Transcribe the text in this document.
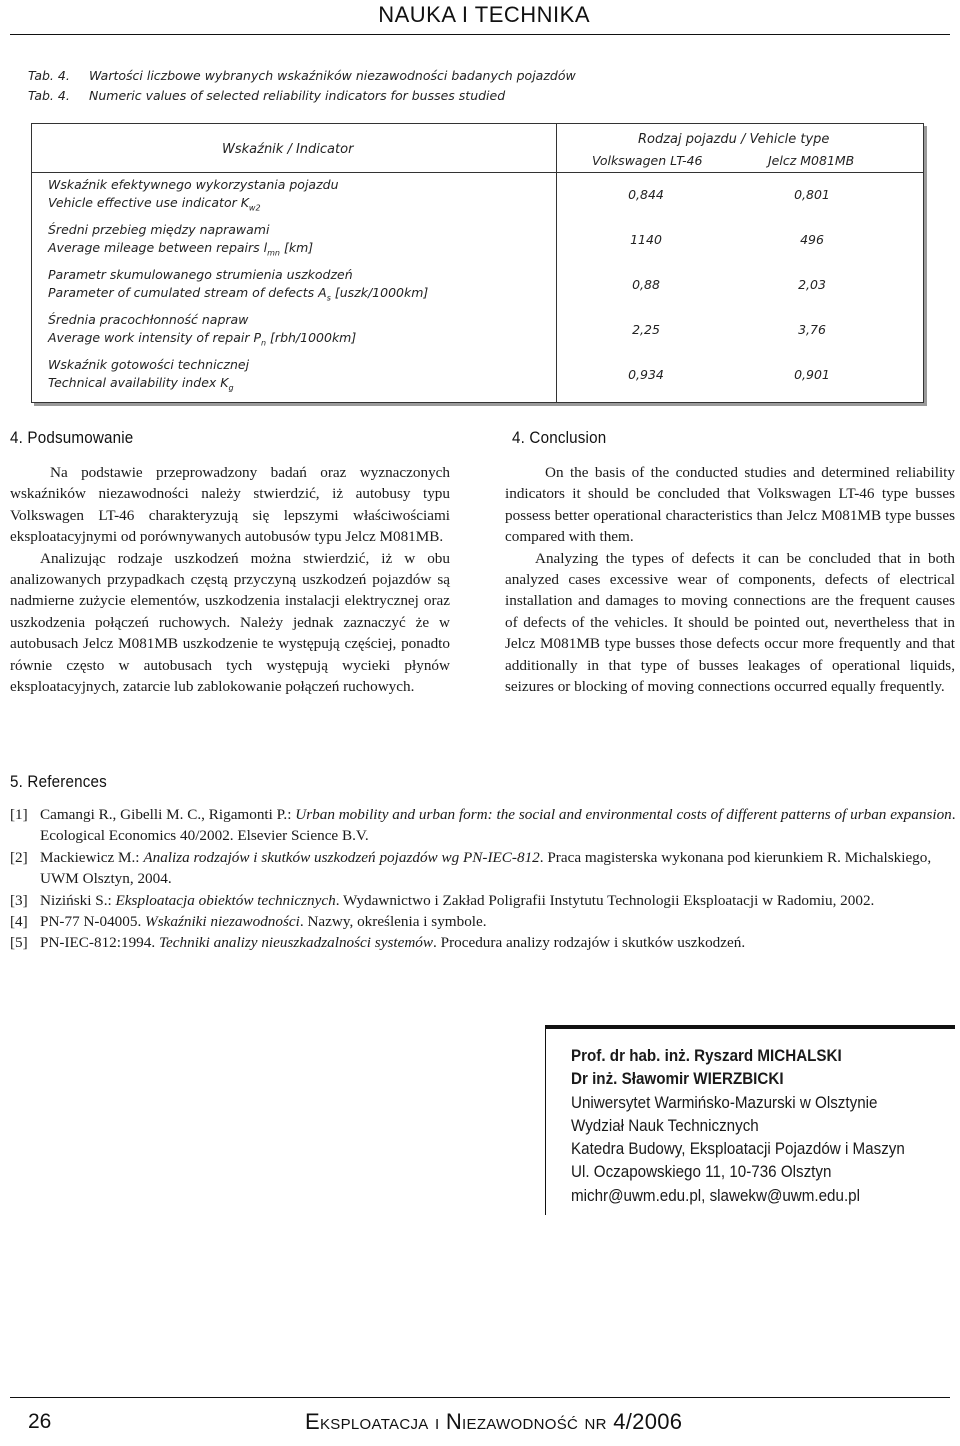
NAUKA I TECHNIKA
Tab. 4. Wartości liczbowe wybranych wskaźników niezawodności badanych pojazdów
Tab. 4. Numeric values of selected reliability indicators for busses studied
Wskaźnik / Indicator
Rodzaj pojazdu / Vehicle type
Volkswagen LT-46	Jelcz M081MB
Wskaźnik efektywnego wykorzystania pojazdu
Vehicle effective use indicator $K_{w2}$
0,844	0,801
Średni przebieg między naprawami
Average mileage between repairs $l_{mn}$ [km]
1140	496
Parametr skumulowanego strumienia uszkodzeń
Parameter of cumulated stream of defects $A_s$ [uszk/1000km]
0,88	2,03
Średnia pracochłonność napraw
Average work intensity of repair $P_n$ [rbh/1000km]
2,25	3,76
Wskaźnik gotowości technicznej
Technical availability index $K_g$
0,934	0,901
4. Podsumowanie

Na podstawie przeprowadzony badań oraz wyznaczonych wskaźników niezawodności należy stwierdzić, iż autobusy typu Volkswagen LT-46 charakteryzują się lepszymi właściwościami eksploatacyjnymi od porównywanych autobusów typu Jelcz M081MB.

Analizując rodzaje uszkodzeń można stwierdzić, iż w obu analizowanych przypadkach częstą przyczyną uszkodzeń pojazdów są nadmierne zużycie elementów, uszkodzenia instalacji elektrycznej oraz uszkodzenia połączeń ruchowych. Należy jednak zaznaczyć że w autobusach Jelcz M081MB uszkodzenie te występują częściej, ponadto równie często w autobusach tych występują wycieki płynów eksploatacyjnych, zatarcie lub zablokowanie połączeń ruchowych.

4. Conclusion

On the basis of the conducted studies and determined reliability indicators it should be concluded that Volkswagen LT-46 type busses possess better operational characteristics than Jelcz M081MB type busses compared with them.

Analyzing the types of defects it can be concluded that in both analyzed cases excessive wear of components, defects of electrical installation and damages to moving connections are the frequent causes of defects of the vehicles. It should be pointed out, nevertheless that in Jelcz M081MB type busses those defects occur more frequently and that additionally in that type of busses leakages of operational liquids, seizures or blocking of moving connections occurred equally frequently.

5. References
[1] Camangi R., Gibelli M. C., Rigamonti P.: Urban mobility and urban form: the social and environmental costs of different patterns of urban expansion. Ecological Economics 40/2002. Elsevier Science B.V.
[2] Mackiewicz M.: Analiza rodzajów i skutków uszkodzeń pojazdów wg PN-IEC-812. Praca magisterska wykonana pod kierunkiem R. Michalskiego, UWM Olsztyn, 2004.
[3] Niziński S.: Eksploatacja obiektów technicznych. Wydawnictwo i Zakład Poligrafii Instytutu Technologii Eksploatacji w Radomiu, 2002.
[4] PN-77 N-04005. Wskaźniki niezawodności. Nazwy, określenia i symbole.
[5] PN-IEC-812:1994. Techniki analizy nieuszkadzalności systemów. Procedura analizy rodzajów i skutków uszkodzeń.
Prof. dr hab. inż. Ryszard MICHALSKI
Dr inż. Sławomir WIERZBICKI
Uniwersytet Warmińsko-Mazurski w Olsztynie
Wydział Nauk Technicznych
Katedra Budowy, Eksploatacji Pojazdów i Maszyn
Ul. Oczapowskiego 11, 10-736 Olsztyn
michr@uwm.edu.pl, slawekw@uwm.edu.pl
26	Eksploatacja i Niezawodność nr 4/2006
